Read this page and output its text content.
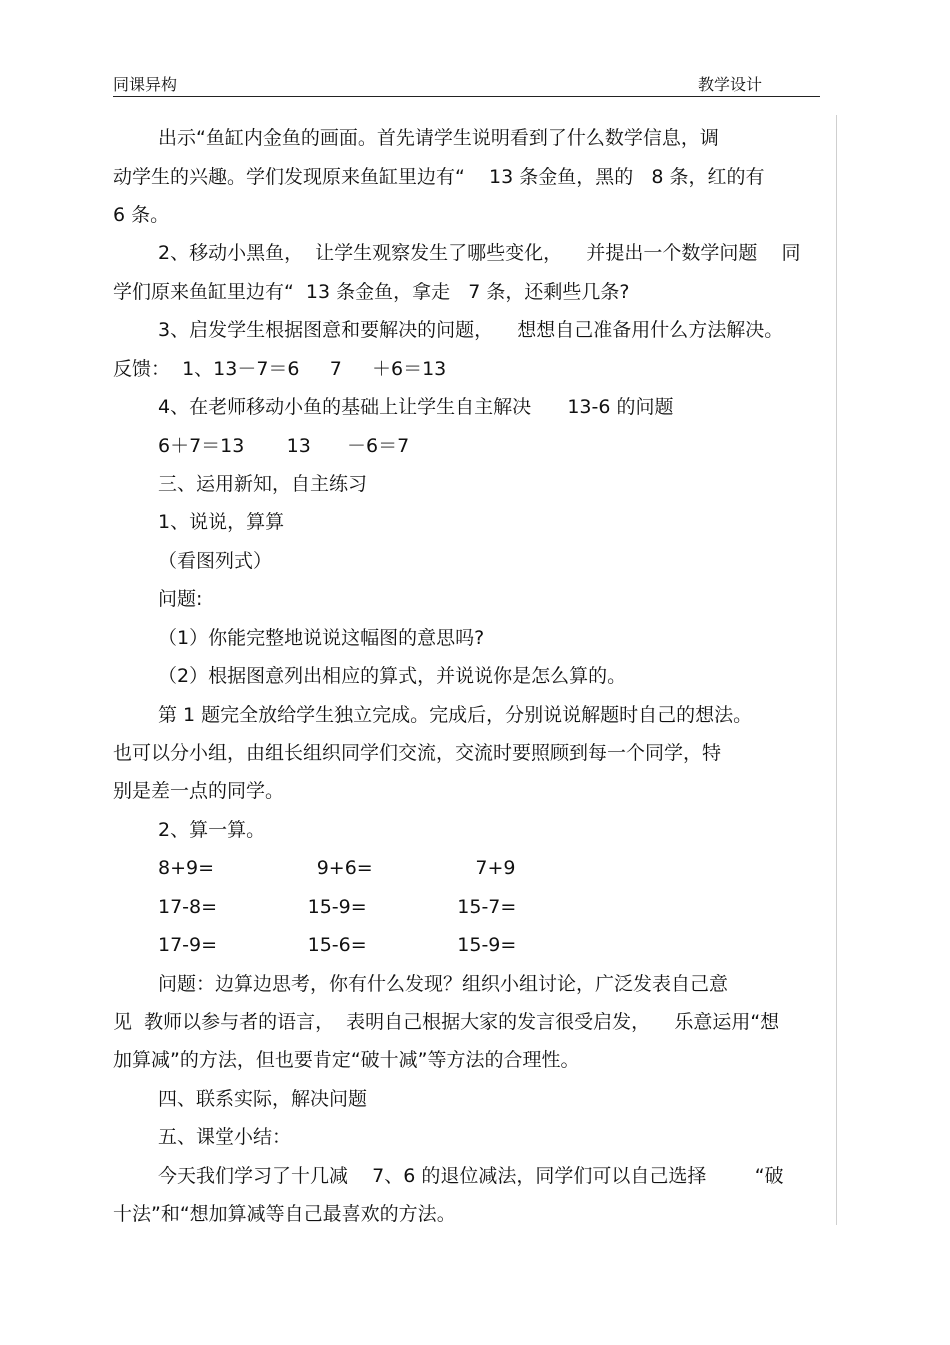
同课异构	教学设计
出示“鱼缸内金鱼的画面。首先请学生说明看到了什么数学信息，调
动学生的兴趣。学们发现原来鱼缸里边有“    13 条金鱼，黑的   8 条，红的有
6 条。
2、移动小黑鱼，  让学生观察发生了哪些变化，    并提出一个数学问题    同
学们原来鱼缸里边有“  13 条金鱼，拿走   7 条，还剩些几条?
3、启发学生根据图意和要解决的问题，    想想自己准备用什么方法解决。
反馈：  1、13－7＝6     7     ＋6＝13
4、在老师移动小鱼的基础上让学生自主解决      13-6 的问题
6＋7＝13       13      －6＝7
三、运用新知，自主练习
1、说说，算算
（看图列式）
问题:
（1）你能完整地说说这幅图的意思吗?
（2）根据图意列出相应的算式，并说说你是怎么算的。
第 1 题完全放给学生独立完成。完成后，分别说说解题时自己的想法。
也可以分小组，由组长组织同学们交流，交流时要照顾到每一个同学，特
别是差一点的同学。
2、算一算。
8+9=                 9+6=                 7+9
17-8=               15-9=               15-7=
17-9=               15-6=               15-9=
问题：边算边思考，你有什么发现？组织小组讨论，广泛发表自己意
见  教师以参与者的语言，  表明自己根据大家的发言很受启发，    乐意运用“想
加算减”的方法，但也要肯定“破十减”等方法的合理性。
四、联系实际，解决问题
五、课堂小结：
今天我们学习了十几减    7、6 的退位减法，同学们可以自己选择        “破
十法”和“想加算减等自己最喜欢的方法。
